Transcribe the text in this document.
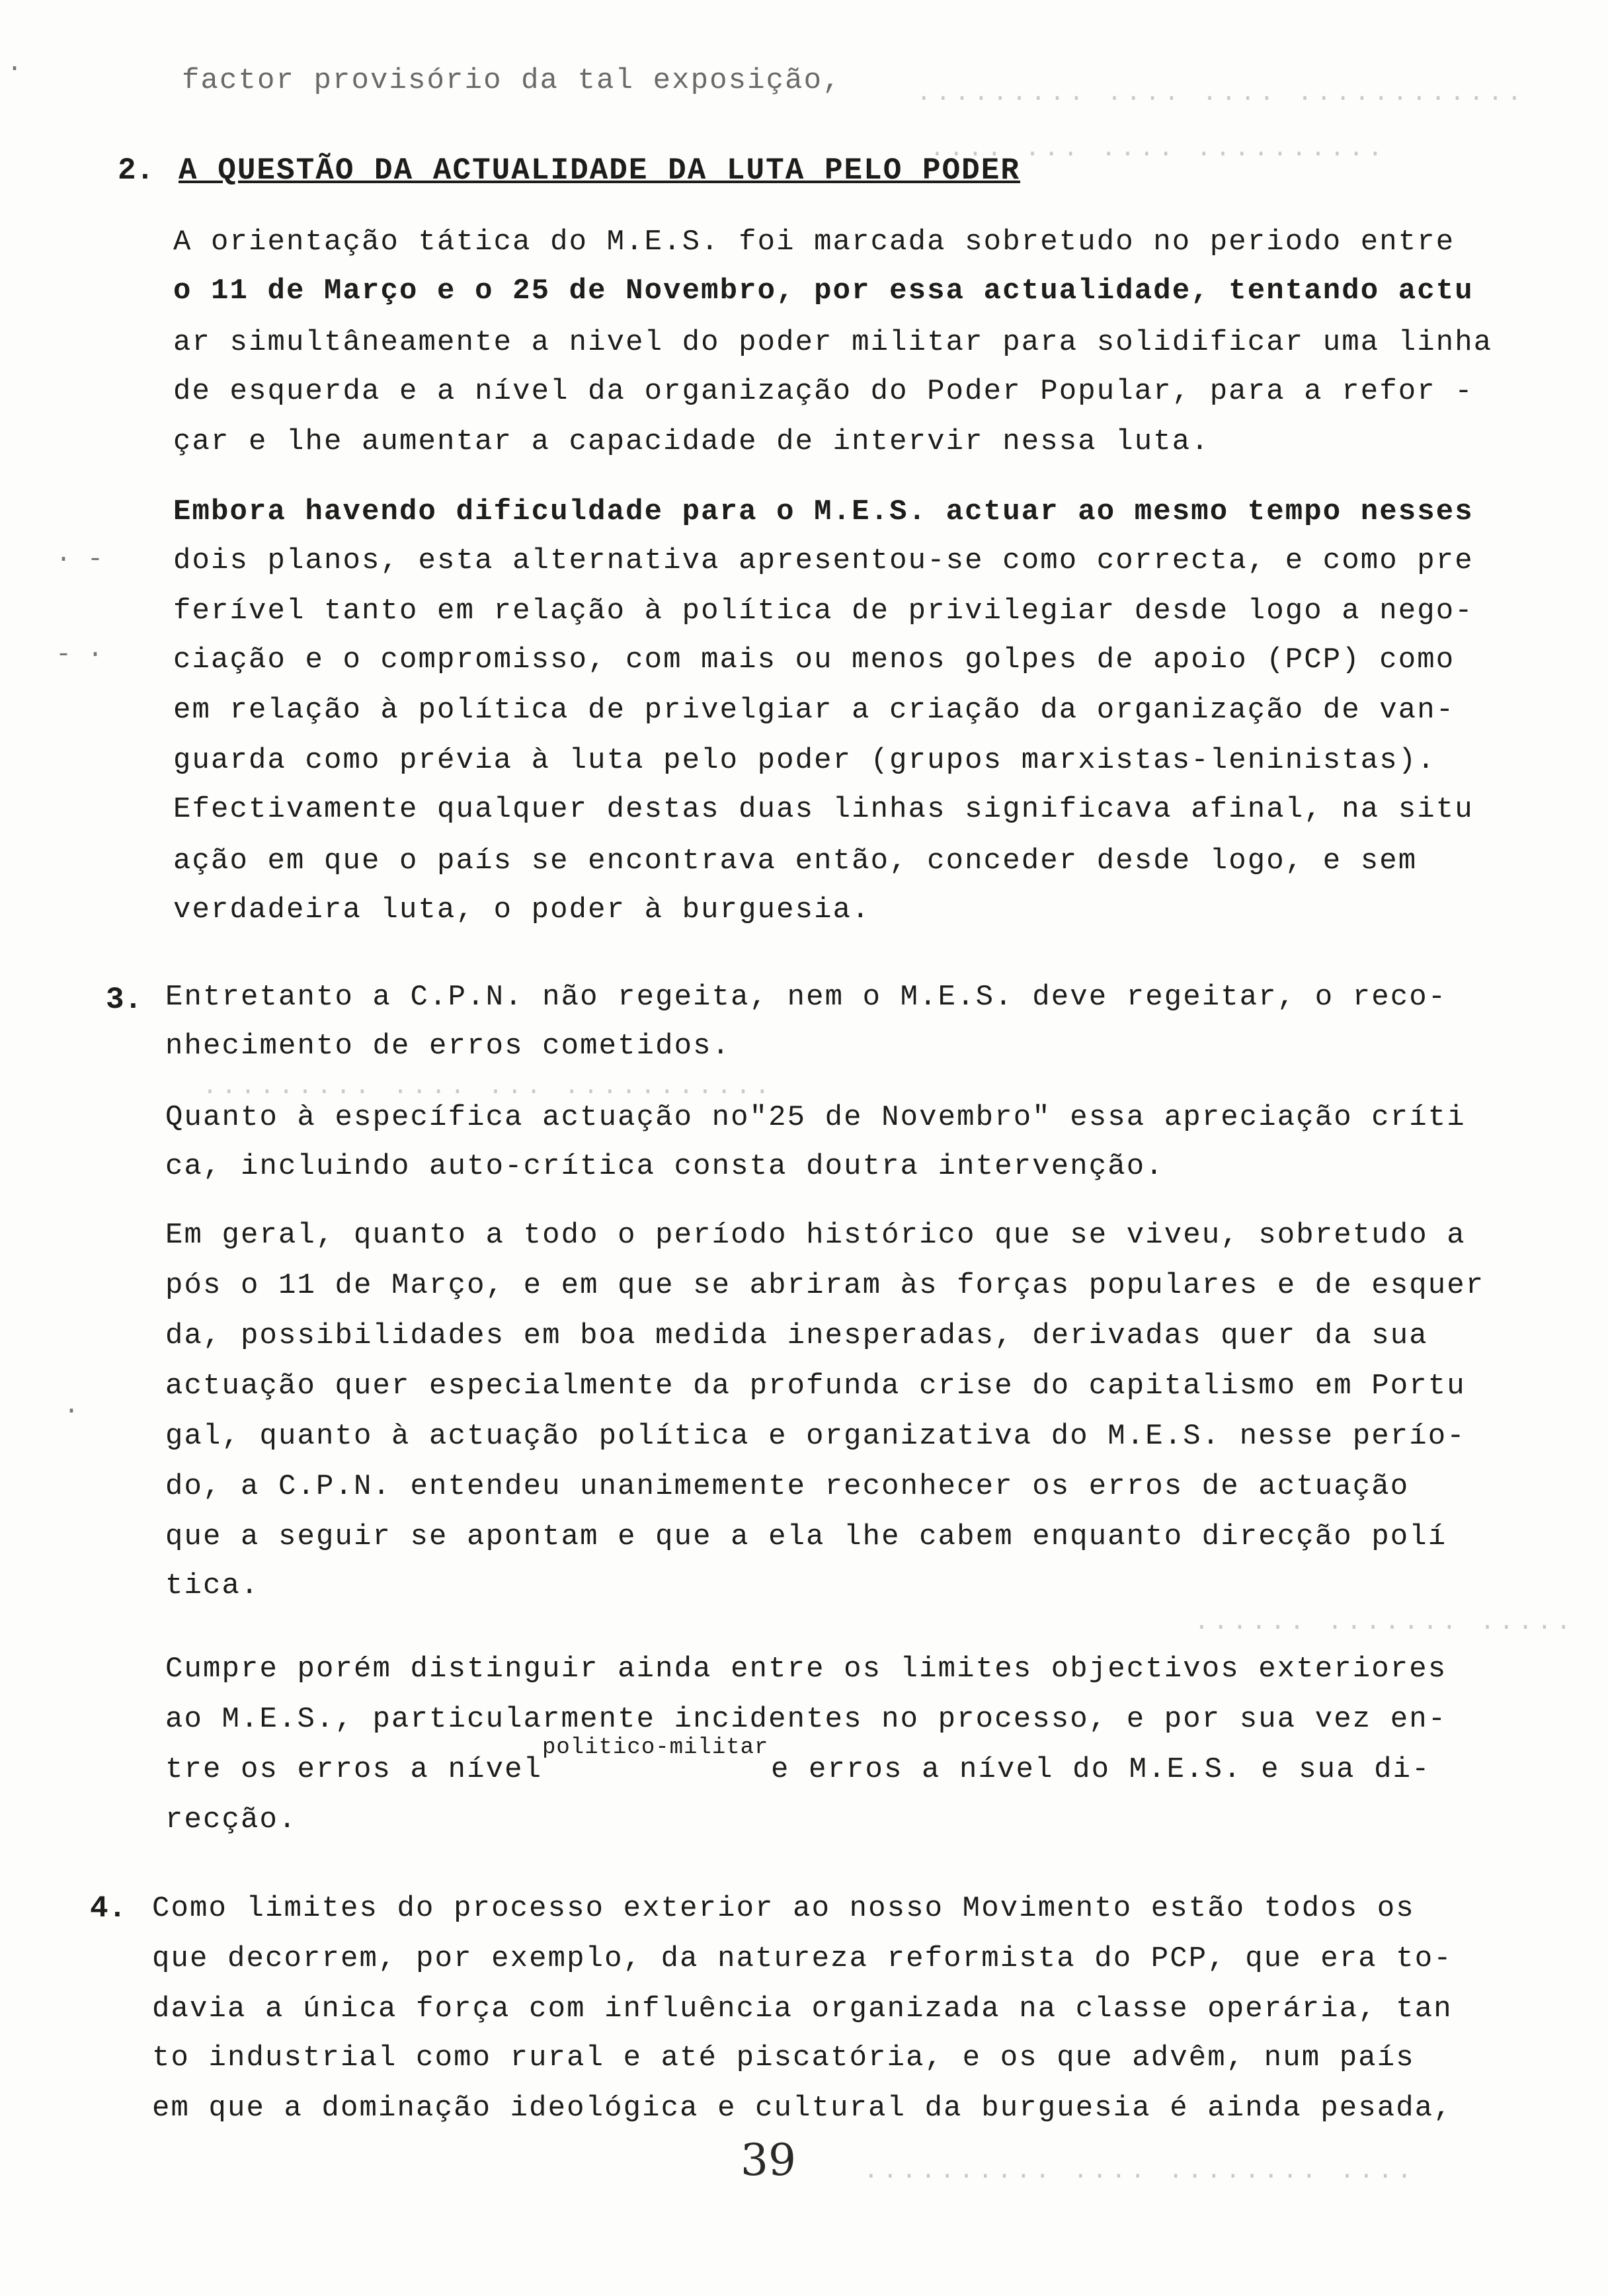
············ ···· ···· ·········
·········· ···· ··· ····
··········· ··· ···· ·········
····· ······· ······
···· ········ ···· ··········
·
· -
- ·
·
factor provisório da tal exposição,
2. A QUESTÃO DA ACTUALIDADE DA LUTA PELO PODER
A orientação tática do M.E.S. foi marcada sobretudo no periodo entre
o 11 de Março e o 25 de Novembro, por essa actualidade, tentando actu
ar simultâneamente a nivel do poder militar para solidificar uma linha
de esquerda e a nível da organização do Poder Popular, para a refor -
çar e lhe aumentar a capacidade de intervir nessa luta.
Embora havendo dificuldade para o M.E.S. actuar ao mesmo tempo nesses
dois planos, esta alternativa apresentou-se como correcta, e como pre
ferível tanto em relação à política de privilegiar desde logo a nego-
ciação e o compromisso, com mais ou menos golpes de apoio (PCP) como
em relação à política de privelgiar a criação da organização de van-
guarda como prévia à luta pelo poder (grupos marxistas-leninistas).
Efectivamente qualquer destas duas linhas significava afinal, na situ
ação em que o país se encontrava então, conceder desde logo, e sem
verdadeira luta, o poder à burguesia.
3. Entretanto a C.P.N. não regeita, nem o M.E.S. deve regeitar, o reco-
nhecimento de erros cometidos.
Quanto à específica actuação no"25 de Novembro" essa apreciação críti
ca, incluindo auto-crítica consta doutra intervenção.
Em geral, quanto a todo o período histórico que se viveu, sobretudo a
pós o 11 de Março, e em que se abriram às forças populares e de esquer
da, possibilidades em boa medida inesperadas, derivadas quer da sua
actuação quer especialmente da profunda crise do capitalismo em Portu
gal, quanto à actuação política e organizativa do M.E.S. nesse perío-
do, a C.P.N. entendeu unanimemente reconhecer os erros de actuação
que a seguir se apontam e que a ela lhe cabem enquanto direcção polí
tica.
Cumpre porém distinguir ainda entre os limites objectivos exteriores
ao M.E.S., particularmente incidentes no processo, e por sua vez en-
politico-militar
tre os erros a nível	e erros a nível do M.E.S. e sua di-
recção.
4. Como limites do processo exterior ao nosso Movimento estão todos os
que decorrem, por exemplo, da natureza reformista do PCP, que era to-
davia a única força com influência organizada na classe operária, tan
to industrial como rural e até piscatória, e os que advêm, num país
em que a dominação ideológica e cultural da burguesia é ainda pesada,
39
